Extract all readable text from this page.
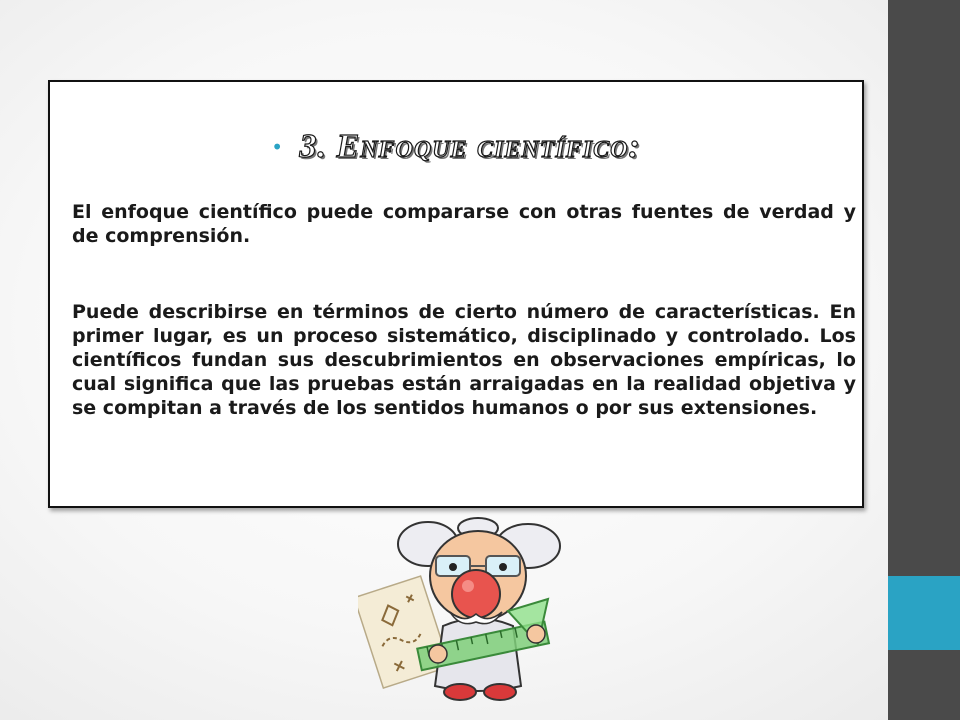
• 3. Enfoque científico:

El enfoque científico puede compararse con otras fuentes de verdad y de comprensión.

Puede describirse en términos de cierto número de características. En primer lugar, es un proceso sistemático, disciplinado y controlado. Los científicos fundan sus descubrimientos en observaciones empíricas, lo cual significa que las pruebas están arraigadas en la realidad objetiva y se compitan a través de los sentidos humanos o por sus extensiones.
